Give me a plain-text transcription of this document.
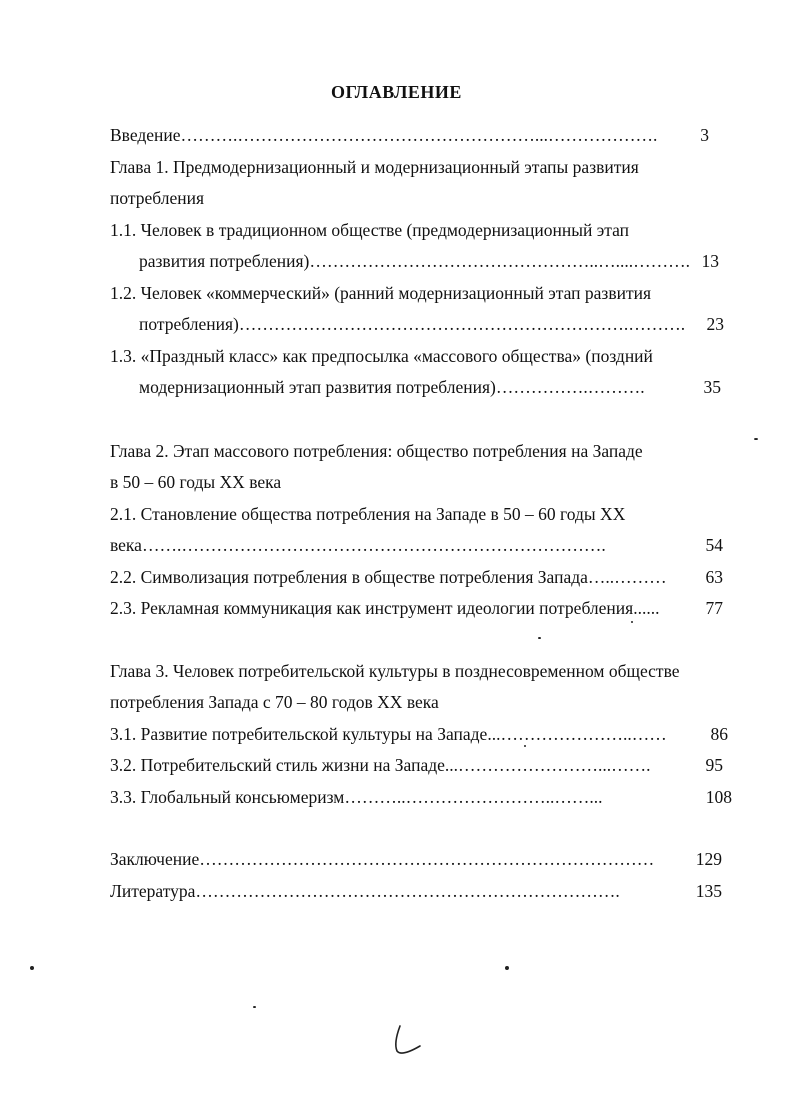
ОГЛАВЛЕНИЕ
Введение ……….……………………………………………...……………….	3
Глава 1. Предмодернизационный и модернизационный этапы развития
потребления
1.1. Человек в традиционном обществе (предмодернизационный этап
развития потребления) …………………………………………..…....………. 13
1.2. Человек «коммерческий» (ранний модернизационный этап развития
потребления) ………………………………………………………….……….	23
1.3. «Праздный класс» как предпосылка «массового общества» (поздний
модернизационный этап развития потребления) …………….……….	35
Глава 2. Этап массового потребления: общество потребления на Западе
в 50 – 60 годы XX века
2.1. Становление общества потребления на Западе в 50 – 60 годы XX
века …….……………………………………………………………….	54
2.2. Символизация потребления в обществе потребления Запада …..………	63
2.3. Рекламная коммуникация как инструмент идеологии потребления ......	77
Глава 3. Человек потребительской культуры в позднесовременном обществе
потребления Запада с 70 – 80 годов XX века
3.1. Развитие потребительской культуры на Западе ...…………………..……	86
3.2. Потребительский стиль жизни на Западе ...……………………...…….	95
3.3. Глобальный консьюмеризм ………..……………………..……...	108
Заключение ……………………………………………………………………	129
Литература ……………………………………………………………….	135
